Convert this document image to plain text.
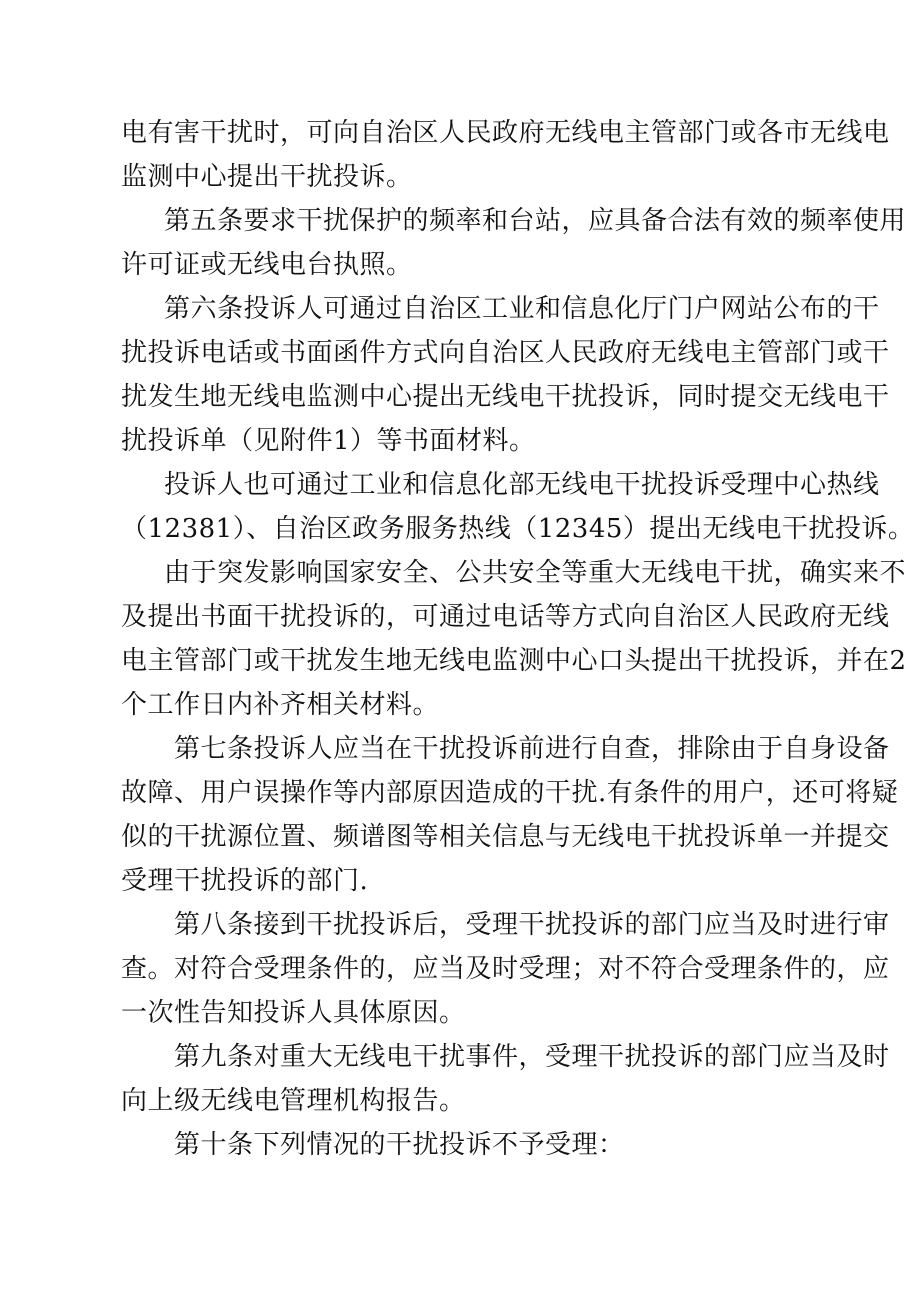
电有害干扰时，可向自治区人民政府无线电主管部门或各市无线电
监测中心提出干扰投诉。
第五条要求干扰保护的频率和台站，应具备合法有效的频率使用
许可证或无线电台执照。
第六条投诉人可通过自治区工业和信息化厅门户网站公布的干
扰投诉电话或书面函件方式向自治区人民政府无线电主管部门或干
扰发生地无线电监测中心提出无线电干扰投诉，同时提交无线电干
扰投诉单（见附件1）等书面材料。
投诉人也可通过工业和信息化部无线电干扰投诉受理中心热线
（12381）、自治区政务服务热线（12345）提出无线电干扰投诉。
由于突发影响国家安全、公共安全等重大无线电干扰，确实来不
及提出书面干扰投诉的，可通过电话等方式向自治区人民政府无线
电主管部门或干扰发生地无线电监测中心口头提出干扰投诉，并在2
个工作日内补齐相关材料。
第七条投诉人应当在干扰投诉前进行自查，排除由于自身设备
故障、用户误操作等内部原因造成的干扰.有条件的用户，还可将疑
似的干扰源位置、频谱图等相关信息与无线电干扰投诉单一并提交
受理干扰投诉的部门.
第八条接到干扰投诉后，受理干扰投诉的部门应当及时进行审
查。对符合受理条件的，应当及时受理；对不符合受理条件的，应
一次性告知投诉人具体原因。
第九条对重大无线电干扰事件，受理干扰投诉的部门应当及时
向上级无线电管理机构报告。
第十条下列情况的干扰投诉不予受理：
